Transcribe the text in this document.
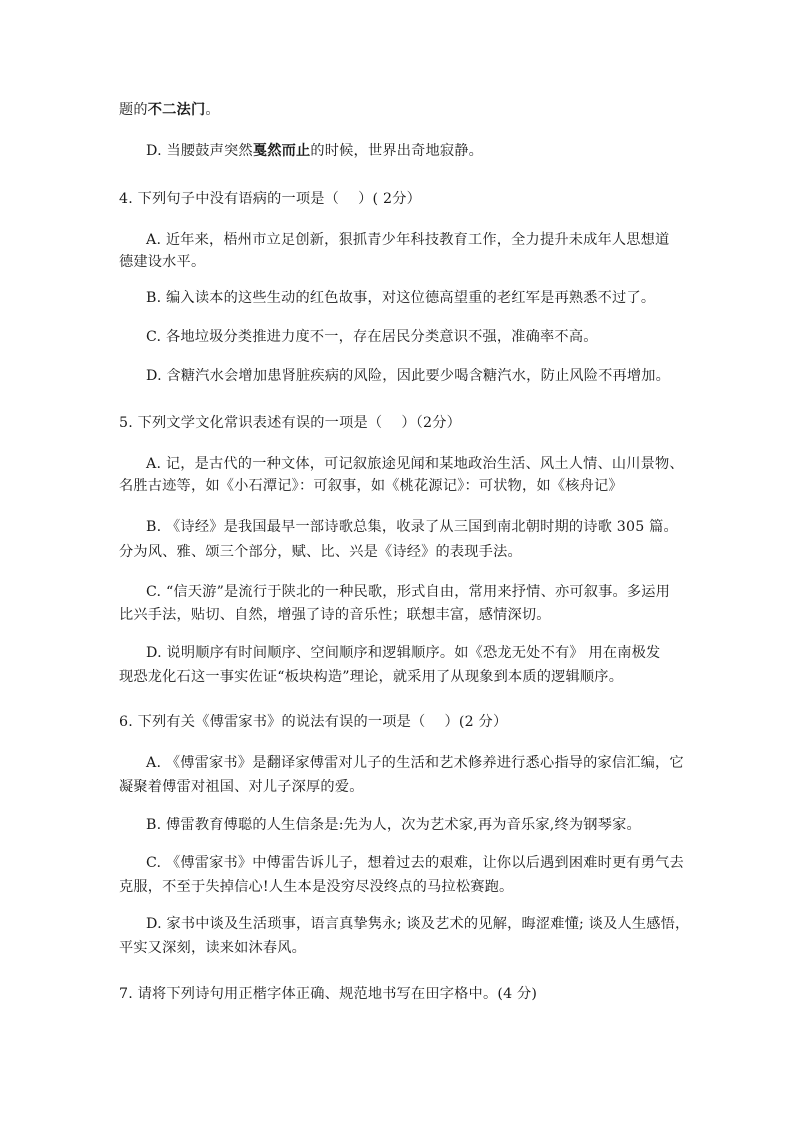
题的不二法门。
D. 当腰鼓声突然戛然而止的时候，世界出奇地寂静。
4. 下列句子中没有语病的一项是（　 ）( 2分）
A. 近年来，梧州市立足创新，狠抓青少年科技教育工作，全力提升未成年人思想道
德建设水平。
B. 编入读本的这些生动的红色故事，对这位德高望重的老红军是再熟悉不过了。
C. 各地垃圾分类推进力度不一，存在居民分类意识不强，准确率不高。
D. 含糖汽水会增加患肾脏疾病的风险，因此要少喝含糖汽水，防止风险不再增加。
5. 下列文学文化常识表述有误的一项是（　 ）（2分）
A. 记，是古代的一种文体，可记叙旅途见闻和某地政治生活、风土人情、山川景物、
名胜古迹等，如《小石潭记》：可叙事，如《桃花源记》：可状物，如《核舟记》
B. 《诗经》是我国最早一部诗歌总集，收录了从三国到南北朝时期的诗歌 305 篇。
分为风、雅、颂三个部分，赋、比、兴是《诗经》的表现手法。
C. “信天游”是流行于陕北的一种民歌，形式自由，常用来抒情、亦可叙事。多运用
比兴手法，贴切、自然，增强了诗的音乐性；联想丰富，感情深切。
D. 说明顺序有时间顺序、空间顺序和逻辑顺序。如《恐龙无处不有》 用在南极发
现恐龙化石这一事实佐证“板块构造”理论，就采用了从现象到本质的逻辑顺序。
6. 下列有关《傅雷家书》的说法有误的一项是（　 ）(2 分）
A. 《傅雷家书》是翻译家傅雷对儿子的生活和艺术修养进行悉心指导的家信汇编，它
凝聚着傅雷对祖国、对儿子深厚的爱。
B. 傅雷教育傅聪的人生信条是:先为人，次为艺术家,再为音乐家,终为钢琴家。
C. 《傅雷家书》中傅雷告诉儿子，想着过去的艰难，让你以后遇到困难时更有勇气去
克服，不至于失掉信心!人生本是没穷尽没终点的马拉松赛跑。
D. 家书中谈及生活琐事，语言真挚隽永; 谈及艺术的见解，晦涩难懂; 谈及人生感悟，
平实又深刻，读来如沐春风。
7. 请将下列诗句用正楷字体正确、规范地书写在田字格中。(4 分)
